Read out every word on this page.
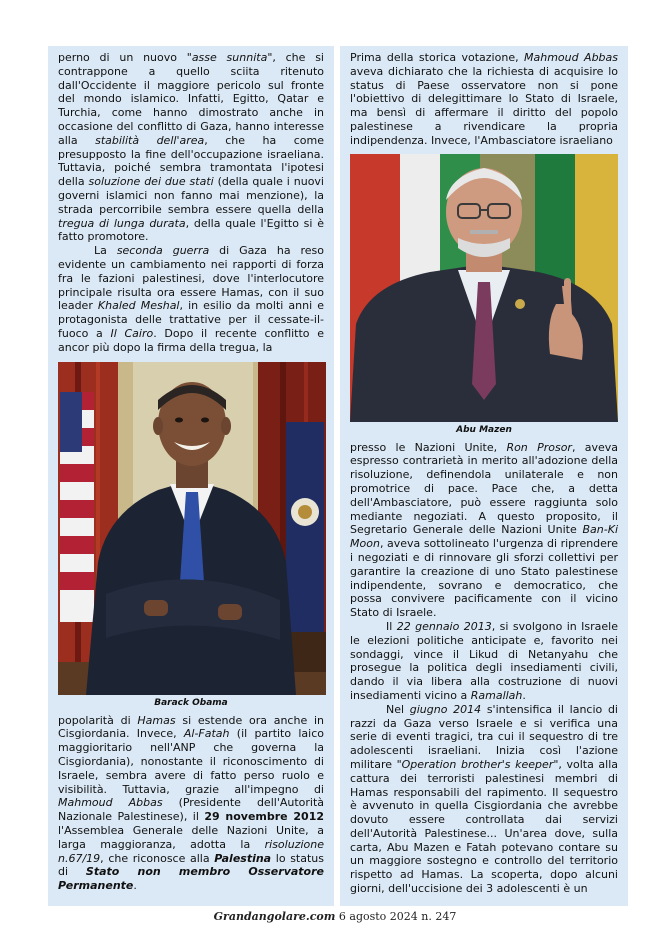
perno di un nuovo "asse sunnita", che si contrappone a quello sciita ritenuto dall'Occidente il maggiore pericolo sul fronte del mondo islamico. Infatti, Egitto, Qatar e Turchia, come hanno dimostrato anche in occasione del conflitto di Gaza, hanno interesse alla stabilità dell'area, che ha come presupposto la fine dell'occupazione israeliana. Tuttavia, poiché sembra tramontata l'ipotesi della soluzione dei due stati (della quale i nuovi governi islamici non fanno mai menzione), la strada percorribile sembra essere quella della tregua di lunga durata, della quale l'Egitto si è fatto promotore.

La seconda guerra di Gaza ha reso evidente un cambiamento nei rapporti di forza fra le fazioni palestinesi, dove l'interlocutore principale risulta ora essere Hamas, con il suo leader Khaled Meshal, in esilio da molti anni e protagonista delle trattative per il cessate-il-fuoco a Il Cairo. Dopo il recente conflitto e ancor più dopo la firma della tregua, la

Barack Obama

popolarità di Hamas si estende ora anche in Cisgiordania. Invece, Al-Fatah (il partito laico maggioritario nell'ANP che governa la Cisgiordania), nonostante il riconoscimento di Israele, sembra avere di fatto perso ruolo e visibilità. Tuttavia, grazie all'impegno di Mahmoud Abbas (Presidente dell'Autorità Nazionale Palestinese), il 29 novembre 2012 l'Assemblea Generale delle Nazioni Unite, a larga maggioranza, adotta la risoluzione n.67/19, che riconosce alla Palestina lo status di Stato non membro Osservatore Permanente.

Prima della storica votazione, Mahmoud Abbas aveva dichiarato che la richiesta di acquisire lo status di Paese osservatore non si pone l'obiettivo di delegittimare lo Stato di Israele, ma bensì di affermare il diritto del popolo palestinese a rivendicare la propria indipendenza. Invece, l'Ambasciatore israeliano

Abu Mazen

presso le Nazioni Unite, Ron Prosor, aveva espresso contrarietà in merito all'adozione della risoluzione, definendola unilaterale e non promotrice di pace. Pace che, a detta dell'Ambasciatore, può essere raggiunta solo mediante negoziati. A questo proposito, il Segretario Generale delle Nazioni Unite Ban-Ki Moon, aveva sottolineato l'urgenza di riprendere i negoziati e di rinnovare gli sforzi collettivi per garantire la creazione di uno Stato palestinese indipendente, sovrano e democratico, che possa convivere pacificamente con il vicino Stato di Israele.

Il 22 gennaio 2013, si svolgono in Israele le elezioni politiche anticipate e, favorito nei sondaggi, vince il Likud di Netanyahu che prosegue la politica degli insediamenti civili, dando il via libera alla costruzione di nuovi insediamenti vicino a Ramallah.

Nel giugno 2014 s'intensifica il lancio di razzi da Gaza verso Israele e si verifica una serie di eventi tragici, tra cui il sequestro di tre adolescenti israeliani. Inizia così l'azione militare "Operation brother's keeper", volta alla cattura dei terroristi palestinesi membri di Hamas responsabili del rapimento. Il sequestro è avvenuto in quella Cisgiordania che avrebbe dovuto essere controllata dai servizi dell'Autorità Palestinese... Un'area dove, sulla carta, Abu Mazen e Fatah potevano contare su un maggiore sostegno e controllo del territorio rispetto ad Hamas. La scoperta, dopo alcuni giorni, dell'uccisione dei 3 adolescenti è un

Grandangolare.com 6 agosto 2024 n. 247
